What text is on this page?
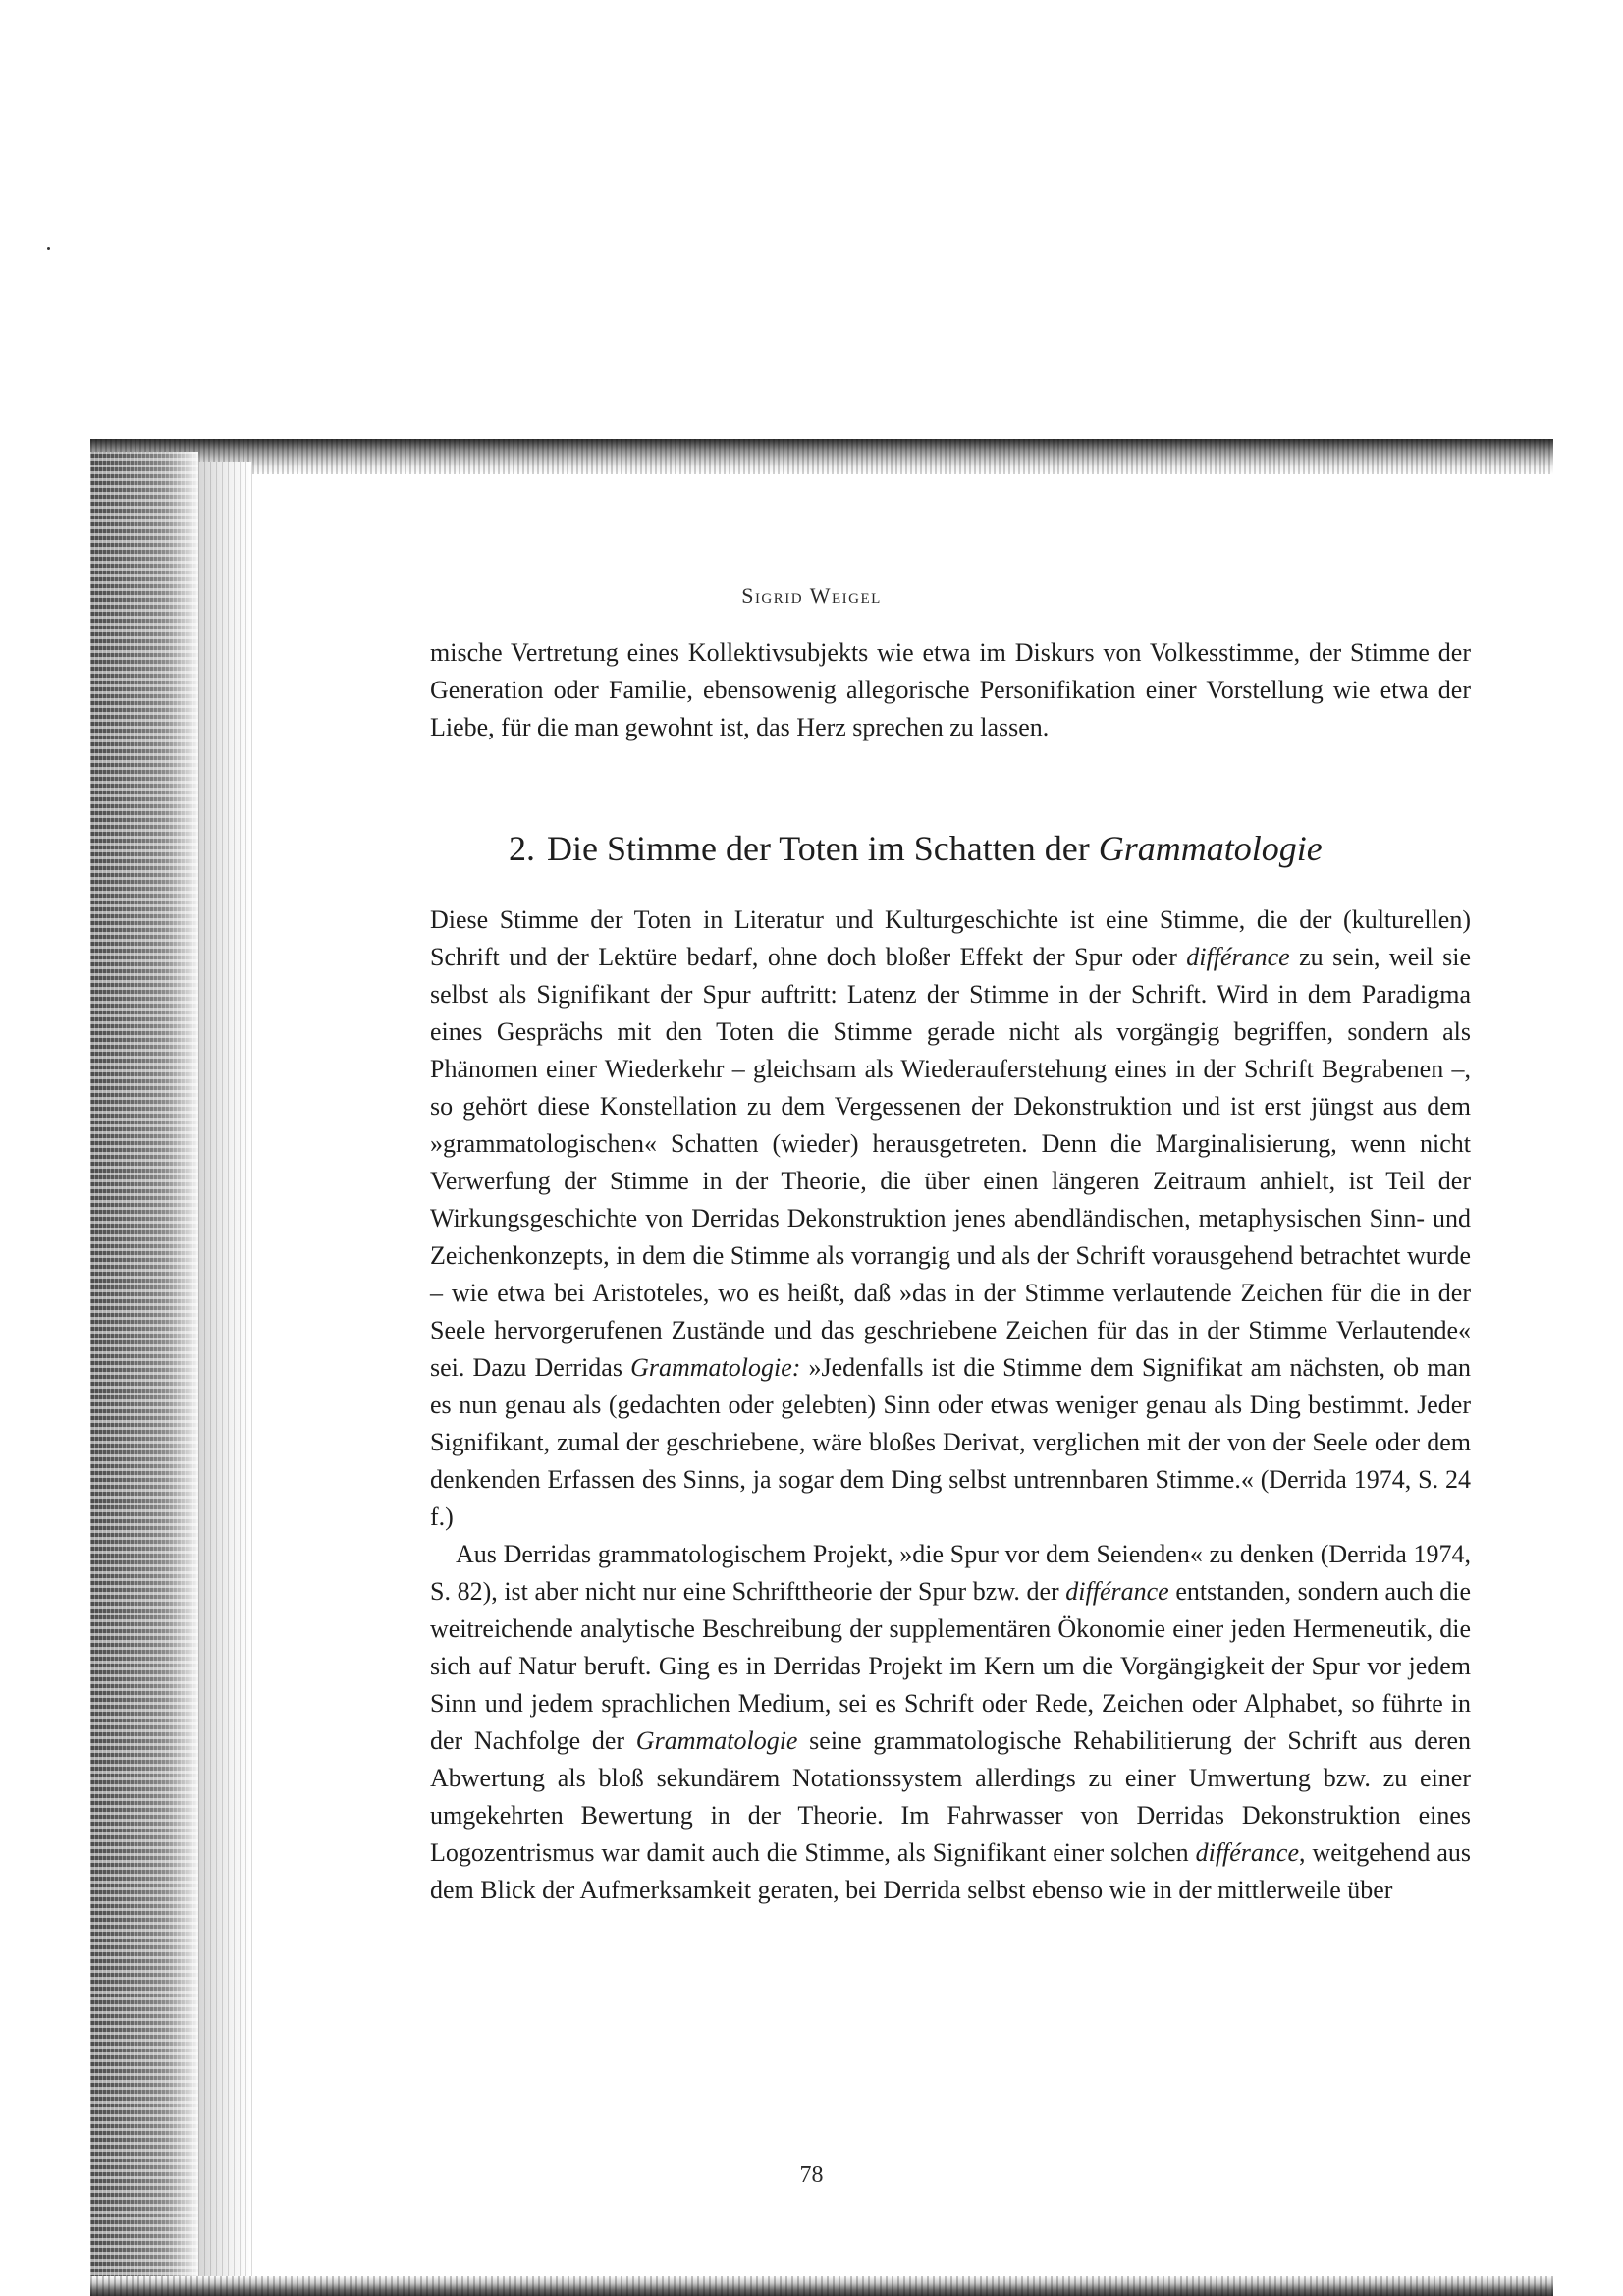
Sigrid Weigel

mische Vertretung eines Kollektivsubjekts wie etwa im Diskurs von Volkesstimme, der Stimme der Generation oder Familie, ebensowenig allegorische Personifikation einer Vorstellung wie etwa der Liebe, für die man gewohnt ist, das Herz sprechen zu lassen.

2. Die Stimme der Toten im Schatten der Grammatologie

Diese Stimme der Toten in Literatur und Kulturgeschichte ist eine Stimme, die der (kulturellen) Schrift und der Lektüre bedarf, ohne doch bloßer Effekt der Spur oder différance zu sein, weil sie selbst als Signifikant der Spur auftritt: Latenz der Stimme in der Schrift. Wird in dem Paradigma eines Gesprächs mit den Toten die Stimme gerade nicht als vorgängig begriffen, sondern als Phänomen einer Wiederkehr – gleichsam als Wiederauferstehung eines in der Schrift Begrabenen –, so gehört diese Konstellation zu dem Vergessenen der Dekonstruktion und ist erst jüngst aus dem »grammatologischen« Schatten (wieder) herausgetreten. Denn die Marginalisierung, wenn nicht Verwerfung der Stimme in der Theorie, die über einen längeren Zeitraum anhielt, ist Teil der Wirkungsgeschichte von Derridas Dekonstruktion jenes abendländischen, metaphysischen Sinn- und Zeichenkonzepts, in dem die Stimme als vorrangig und als der Schrift vorausgehend betrachtet wurde – wie etwa bei Aristoteles, wo es heißt, daß »das in der Stimme verlautende Zeichen für die in der Seele hervorgerufenen Zustände und das geschriebene Zeichen für das in der Stimme Verlautende« sei. Dazu Derridas Grammatologie: »Jedenfalls ist die Stimme dem Signifikat am nächsten, ob man es nun genau als (gedachten oder gelebten) Sinn oder etwas weniger genau als Ding bestimmt. Jeder Signifikant, zumal der geschriebene, wäre bloßes Derivat, verglichen mit der von der Seele oder dem denkenden Erfassen des Sinns, ja sogar dem Ding selbst untrennbaren Stimme.« (Derrida 1974, S. 24 f.)

Aus Derridas grammatologischem Projekt, »die Spur vor dem Seienden« zu denken (Derrida 1974, S. 82), ist aber nicht nur eine Schrifttheorie der Spur bzw. der différance entstanden, sondern auch die weitreichende analytische Beschreibung der supplementären Ökonomie einer jeden Hermeneutik, die sich auf Natur beruft. Ging es in Derridas Projekt im Kern um die Vorgängigkeit der Spur vor jedem Sinn und jedem sprachlichen Medium, sei es Schrift oder Rede, Zeichen oder Alphabet, so führte in der Nachfolge der Grammatologie seine grammatologische Rehabilitierung der Schrift aus deren Abwertung als bloß sekundärem Notationssystem allerdings zu einer Umwertung bzw. zu einer umgekehrten Bewertung in der Theorie. Im Fahrwasser von Derridas Dekonstruktion eines Logozentrismus war damit auch die Stimme, als Signifikant einer solchen différance, weitgehend aus dem Blick der Aufmerksamkeit geraten, bei Derrida selbst ebenso wie in der mittlerweile über

78
